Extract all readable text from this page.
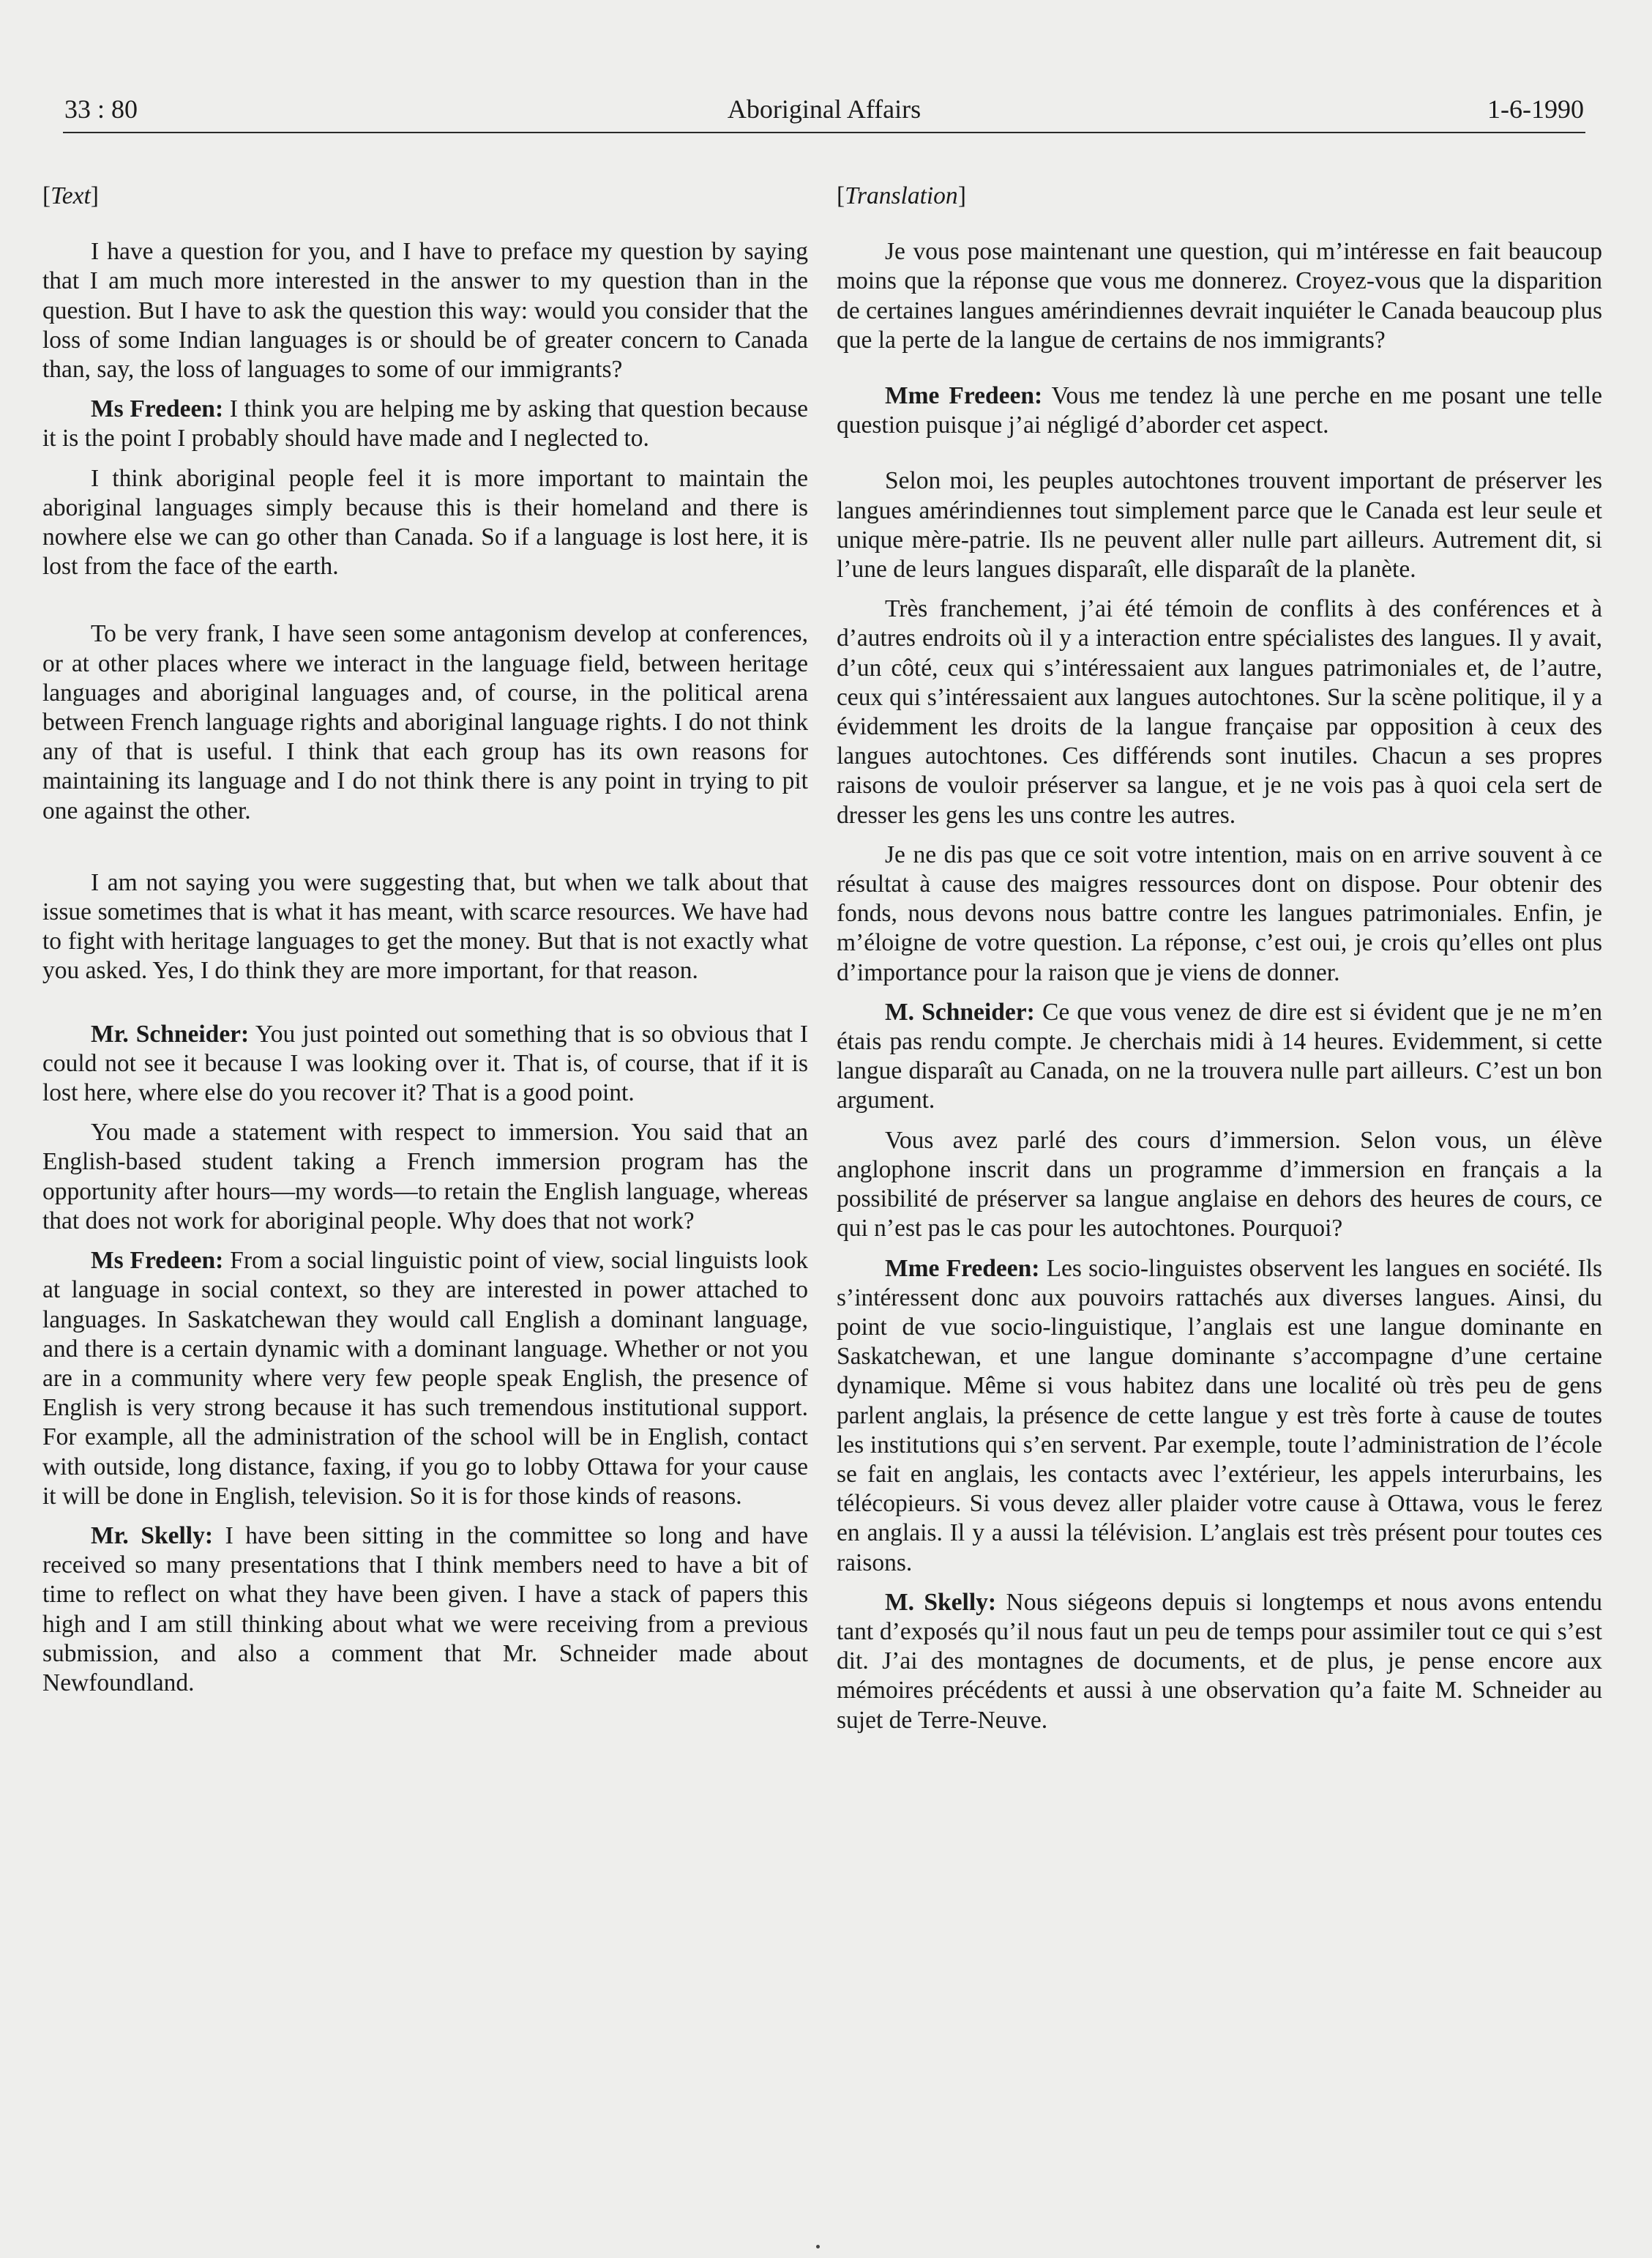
33 : 80	Aboriginal Affairs	1-6-1990

[Text]

I have a question for you, and I have to preface my question by saying that I am much more interested in the answer to my question than in the question. But I have to ask the question this way: would you consider that the loss of some Indian languages is or should be of greater concern to Canada than, say, the loss of languages to some of our immigrants?

Ms Fredeen: I think you are helping me by asking that question because it is the point I probably should have made and I neglected to.

I think aboriginal people feel it is more important to maintain the aboriginal languages simply because this is their homeland and there is nowhere else we can go other than Canada. So if a language is lost here, it is lost from the face of the earth.

To be very frank, I have seen some antagonism develop at conferences, or at other places where we interact in the language field, between heritage languages and aboriginal languages and, of course, in the political arena between French language rights and aboriginal language rights. I do not think any of that is useful. I think that each group has its own reasons for maintaining its language and I do not think there is any point in trying to pit one against the other.

I am not saying you were suggesting that, but when we talk about that issue sometimes that is what it has meant, with scarce resources. We have had to fight with heritage languages to get the money. But that is not exactly what you asked. Yes, I do think they are more important, for that reason.

Mr. Schneider: You just pointed out something that is so obvious that I could not see it because I was looking over it. That is, of course, that if it is lost here, where else do you recover it? That is a good point.

You made a statement with respect to immersion. You said that an English-based student taking a French immersion program has the opportunity after hours—my words—to retain the English language, whereas that does not work for aboriginal people. Why does that not work?

Ms Fredeen: From a social linguistic point of view, social linguists look at language in social context, so they are interested in power attached to languages. In Saskatchewan they would call English a dominant language, and there is a certain dynamic with a dominant language. Whether or not you are in a community where very few people speak English, the presence of English is very strong because it has such tremendous institutional support. For example, all the administration of the school will be in English, contact with outside, long distance, faxing, if you go to lobby Ottawa for your cause it will be done in English, television. So it is for those kinds of reasons.

Mr. Skelly: I have been sitting in the committee so long and have received so many presentations that I think members need to have a bit of time to reflect on what they have been given. I have a stack of papers this high and I am still thinking about what we were receiving from a previous submission, and also a comment that Mr. Schneider made about Newfoundland.

[Translation]

Je vous pose maintenant une question, qui m’intéresse en fait beaucoup moins que la réponse que vous me donnerez. Croyez-vous que la disparition de certaines langues amérindiennes devrait inquiéter le Canada beaucoup plus que la perte de la langue de certains de nos immigrants?

Mme Fredeen: Vous me tendez là une perche en me posant une telle question puisque j’ai négligé d’aborder cet aspect.

Selon moi, les peuples autochtones trouvent important de préserver les langues amérindiennes tout simplement parce que le Canada est leur seule et unique mère-patrie. Ils ne peuvent aller nulle part ailleurs. Autrement dit, si l’une de leurs langues disparaît, elle disparaît de la planète.

Très franchement, j’ai été témoin de conflits à des conférences et à d’autres endroits où il y a interaction entre spécialistes des langues. Il y avait, d’un côté, ceux qui s’intéressaient aux langues patrimoniales et, de l’autre, ceux qui s’intéressaient aux langues autochtones. Sur la scène politique, il y a évidemment les droits de la langue française par opposition à ceux des langues autochtones. Ces différends sont inutiles. Chacun a ses propres raisons de vouloir préserver sa langue, et je ne vois pas à quoi cela sert de dresser les gens les uns contre les autres.

Je ne dis pas que ce soit votre intention, mais on en arrive souvent à ce résultat à cause des maigres ressources dont on dispose. Pour obtenir des fonds, nous devons nous battre contre les langues patrimoniales. Enfin, je m’éloigne de votre question. La réponse, c’est oui, je crois qu’elles ont plus d’importance pour la raison que je viens de donner.

M. Schneider: Ce que vous venez de dire est si évident que je ne m’en étais pas rendu compte. Je cherchais midi à 14 heures. Evidemment, si cette langue disparaît au Canada, on ne la trouvera nulle part ailleurs. C’est un bon argument.

Vous avez parlé des cours d’immersion. Selon vous, un élève anglophone inscrit dans un programme d’immersion en français a la possibilité de préserver sa langue anglaise en dehors des heures de cours, ce qui n’est pas le cas pour les autochtones. Pourquoi?

Mme Fredeen: Les socio-linguistes observent les langues en société. Ils s’intéressent donc aux pouvoirs rattachés aux diverses langues. Ainsi, du point de vue socio-linguistique, l’anglais est une langue dominante en Saskatchewan, et une langue dominante s’accompagne d’une certaine dynamique. Même si vous habitez dans une localité où très peu de gens parlent anglais, la présence de cette langue y est très forte à cause de toutes les institutions qui s’en servent. Par exemple, toute l’administration de l’école se fait en anglais, les contacts avec l’extérieur, les appels interurbains, les télécopieurs. Si vous devez aller plaider votre cause à Ottawa, vous le ferez en anglais. Il y a aussi la télévision. L’anglais est très présent pour toutes ces raisons.

M. Skelly: Nous siégeons depuis si longtemps et nous avons entendu tant d’exposés qu’il nous faut un peu de temps pour assimiler tout ce qui s’est dit. J’ai des montagnes de documents, et de plus, je pense encore aux mémoires précédents et aussi à une observation qu’a faite M. Schneider au sujet de Terre-Neuve.
